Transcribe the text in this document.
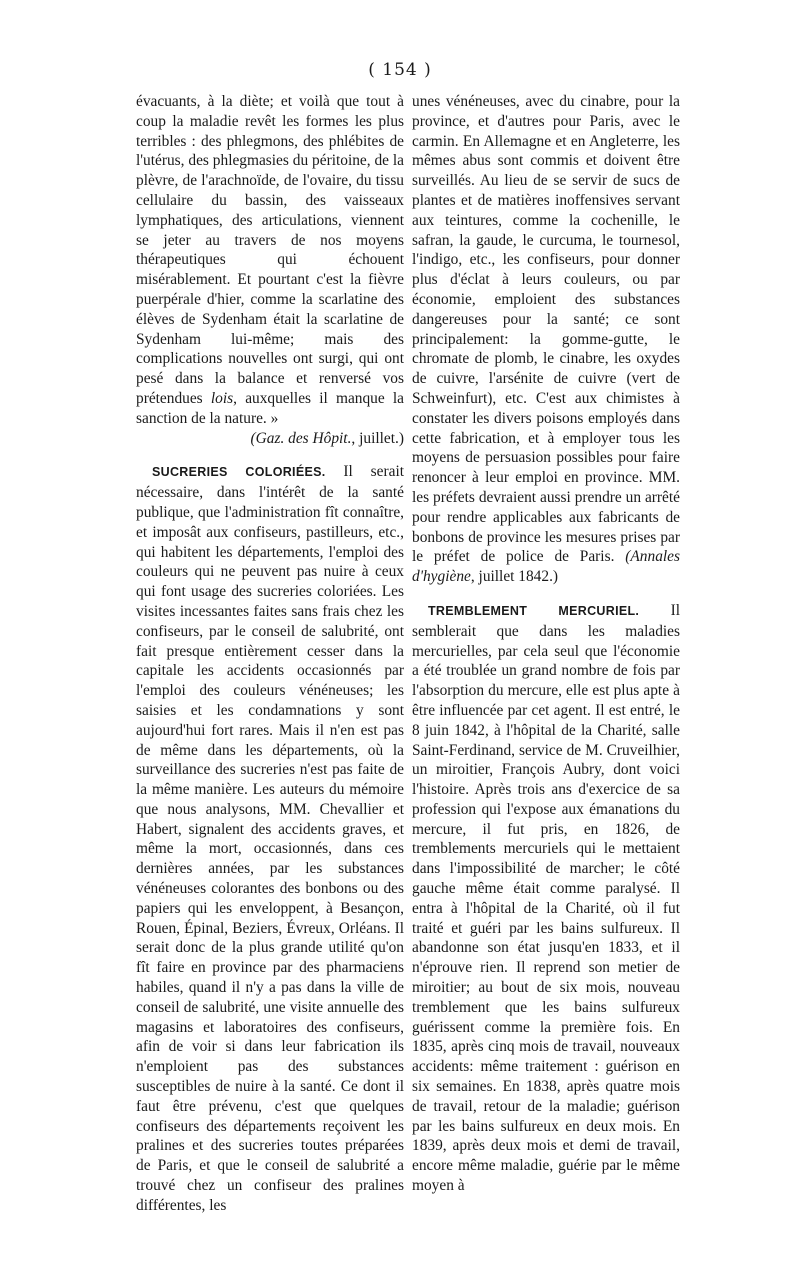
( 154 )

évacuants, à la diète; et voilà que tout à coup la maladie revêt les formes les plus terribles : des phlegmons, des phlébites de l'utérus, des phlegmasies du péritoine, de la plèvre, de l'arachnoïde, de l'ovaire, du tissu cellulaire du bassin, des vaisseaux lymphatiques, des articulations, viennent se jeter au travers de nos moyens thérapeutiques qui échouent misérablement. Et pourtant c'est la fièvre puerpérale d'hier, comme la scarlatine des élèves de Sydenham était la scarlatine de Sydenham lui-même; mais des complications nouvelles ont surgi, qui ont pesé dans la balance et renversé vos prétendues lois, auxquelles il manque la sanction de la nature. »

(Gaz. des Hôpit., juillet.)

SUCRERIES COLORIÉES. Il serait nécessaire, dans l'intérêt de la santé publique, que l'administration fît connaître, et imposât aux confiseurs, pastilleurs, etc., qui habitent les départements, l'emploi des couleurs qui ne peuvent pas nuire à ceux qui font usage des sucreries coloriées. Les visites incessantes faites sans frais chez les confiseurs, par le conseil de salubrité, ont fait presque entièrement cesser dans la capitale les accidents occasionnés par l'emploi des couleurs vénéneuses; les saisies et les condamnations y sont aujourd'hui fort rares. Mais il n'en est pas de même dans les départements, où la surveillance des sucreries n'est pas faite de la même manière. Les auteurs du mémoire que nous analysons, MM. Chevallier et Habert, signalent des accidents graves, et même la mort, occasionnés, dans ces dernières années, par les substances vénéneuses colorantes des bonbons ou des papiers qui les enveloppent, à Besançon, Rouen, Épinal, Beziers, Évreux, Orléans. Il serait donc de la plus grande utilité qu'on fît faire en province par des pharmaciens habiles, quand il n'y a pas dans la ville de conseil de salubrité, une visite annuelle des magasins et laboratoires des confiseurs, afin de voir si dans leur fabrication ils n'emploient pas des substances susceptibles de nuire à la santé. Ce dont il faut être prévenu, c'est que quelques confiseurs des départements reçoivent les pralines et des sucreries toutes préparées de Paris, et que le conseil de salubrité a trouvé chez un confiseur des pralines différentes, les

unes vénéneuses, avec du cinabre, pour la province, et d'autres pour Paris, avec le carmin. En Allemagne et en Angleterre, les mêmes abus sont commis et doivent être surveillés. Au lieu de se servir de sucs de plantes et de matières inoffensives servant aux teintures, comme la cochenille, le safran, la gaude, le curcuma, le tournesol, l'indigo, etc., les confiseurs, pour donner plus d'éclat à leurs couleurs, ou par économie, emploient des substances dangereuses pour la santé; ce sont principalement: la gomme-gutte, le chromate de plomb, le cinabre, les oxydes de cuivre, l'arsénite de cuivre (vert de Schweinfurt), etc. C'est aux chimistes à constater les divers poisons employés dans cette fabrication, et à employer tous les moyens de persuasion possibles pour faire renoncer à leur emploi en province. MM. les préfets devraient aussi prendre un arrêté pour rendre applicables aux fabricants de bonbons de province les mesures prises par le préfet de police de Paris. (Annales d'hygiène, juillet 1842.)

TREMBLEMENT MERCURIEL. Il semblerait que dans les maladies mercurielles, par cela seul que l'économie a été troublée un grand nombre de fois par l'absorption du mercure, elle est plus apte à être influencée par cet agent. Il est entré, le 8 juin 1842, à l'hôpital de la Charité, salle Saint-Ferdinand, service de M. Cruveilhier, un miroitier, François Aubry, dont voici l'histoire. Après trois ans d'exercice de sa profession qui l'expose aux émanations du mercure, il fut pris, en 1826, de tremblements mercuriels qui le mettaient dans l'impossibilité de marcher; le côté gauche même était comme paralysé. Il entra à l'hôpital de la Charité, où il fut traité et guéri par les bains sulfureux. Il abandonne son état jusqu'en 1833, et il n'éprouve rien. Il reprend son metier de miroitier; au bout de six mois, nouveau tremblement que les bains sulfureux guérissent comme la première fois. En 1835, après cinq mois de travail, nouveaux accidents: même traitement : guérison en six semaines. En 1838, après quatre mois de travail, retour de la maladie; guérison par les bains sulfureux en deux mois. En 1839, après deux mois et demi de travail, encore même maladie, guérie par le même moyen à
